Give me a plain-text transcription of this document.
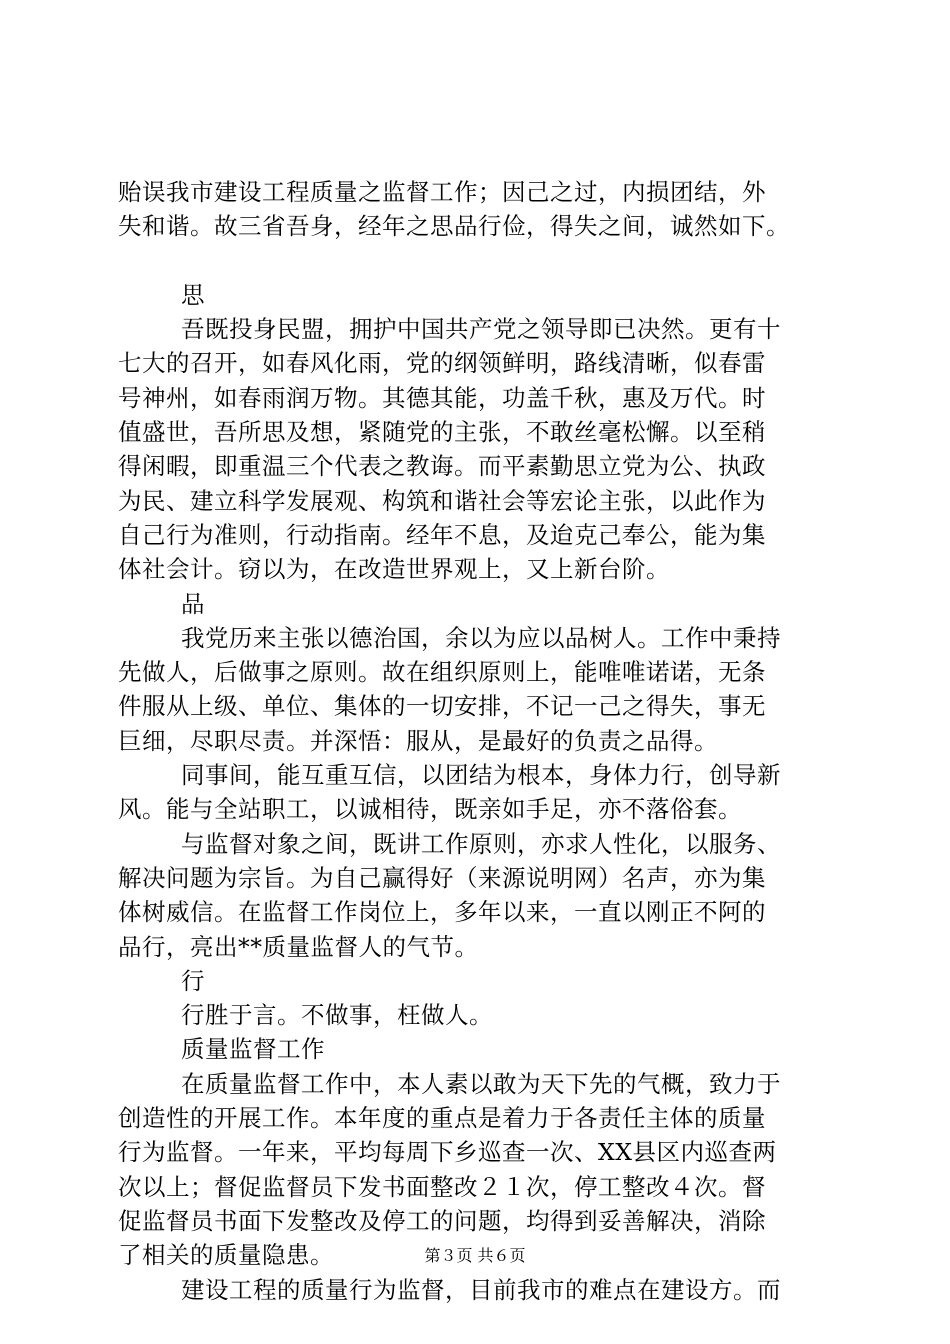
贻误我市建设工程质量之监督工作；因己之过，内损团结，外
失和谐。故三省吾身，经年之思品行俭，得失之间，诚然如下。
思
吾既投身民盟，拥护中国共产党之领导即已决然。更有十
七大的召开，如春风化雨，党的纲领鲜明，路线清晰，似春雷
号神州，如春雨润万物。其德其能，功盖千秋，惠及万代。时
值盛世，吾所思及想，紧随党的主张，不敢丝毫松懈。以至稍
得闲暇，即重温三个代表之教诲。而平素勤思立党为公、执政
为民、建立科学发展观、构筑和谐社会等宏论主张，以此作为
自己行为准则，行动指南。经年不息，及迨克己奉公，能为集
体社会计。窃以为，在改造世界观上，又上新台阶。
品
我党历来主张以德治国，余以为应以品树人。工作中秉持
先做人，后做事之原则。故在组织原则上，能唯唯诺诺，无条
件服从上级、单位、集体的一切安排，不记一己之得失，事无
巨细，尽职尽责。并深悟：服从，是最好的负责之品得。
同事间，能互重互信，以团结为根本，身体力行，创导新
风。能与全站职工，以诚相待，既亲如手足，亦不落俗套。
与监督对象之间，既讲工作原则，亦求人性化，以服务、
解决问题为宗旨。为自己赢得好（来源说明网）名声，亦为集
体树威信。在监督工作岗位上，多年以来，一直以刚正不阿的
品行，亮出**质量监督人的气节。
行
行胜于言。不做事，枉做人。
质量监督工作
在质量监督工作中，本人素以敢为天下先的气概，致力于
创造性的开展工作。本年度的重点是着力于各责任主体的质量
行为监督。一年来，平均每周下乡巡查一次、XX县区内巡查两
次以上；督促监督员下发书面整改２１次，停工整改４次。督
促监督员书面下发整改及停工的问题，均得到妥善解决，消除
了相关的质量隐患。
建设工程的质量行为监督，目前我市的难点在建设方。而
第３页 共６页
